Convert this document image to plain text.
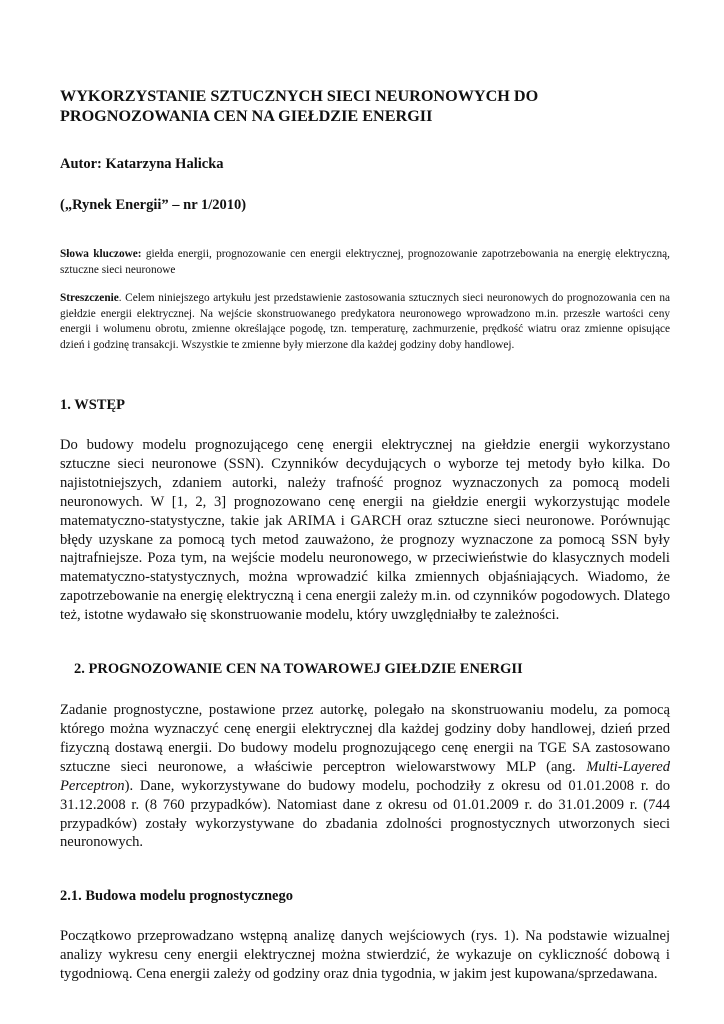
WYKORZYSTANIE SZTUCZNYCH SIECI NEURONOWYCH DO
PROGNOZOWANIA CEN NA GIEŁDZIE ENERGII

Autor: Katarzyna Halicka

(„Rynek Energii” – nr 1/2010)

Słowa kluczowe: giełda energii, prognozowanie cen energii elektrycznej, prognozowanie zapotrzebowania na energię elektryczną, sztuczne sieci neuronowe

Streszczenie. Celem niniejszego artykułu jest przedstawienie zastosowania sztucznych sieci neuronowych do prognozowania cen na giełdzie energii elektrycznej. Na wejście skonstruowanego predykatora neuronowego wprowadzono m.in. przeszłe wartości ceny energii i wolumenu obrotu, zmienne określające pogodę, tzn. temperaturę, zachmurzenie, prędkość wiatru oraz zmienne opisujące dzień i godzinę transakcji. Wszystkie te zmienne były mierzone dla każdej godziny doby handlowej.

1. WSTĘP

Do budowy modelu prognozującego cenę energii elektrycznej na giełdzie energii wykorzystano sztuczne sieci neuronowe (SSN). Czynników decydujących o wyborze tej metody było kilka. Do najistotniejszych, zdaniem autorki, należy trafność prognoz wyznaczonych za pomocą modeli neuronowych. W [1, 2, 3] prognozowano cenę energii na giełdzie energii wykorzystując modele matematyczno-statystyczne, takie jak ARIMA i GARCH oraz sztuczne sieci neuronowe. Porównując błędy uzyskane za pomocą tych metod zauważono, że prognozy wyznaczone za pomocą SSN były najtrafniejsze. Poza tym, na wejście modelu neuronowego, w przeciwieństwie do klasycznych modeli matematyczno-statystycznych, można wprowadzić kilka zmiennych objaśniających. Wiadomo, że zapotrzebowanie na energię elektryczną i cena energii zależy m.in. od czynników pogodowych. Dlatego też, istotne wydawało się skonstruowanie modelu, który uwzględniałby te zależności.

2. PROGNOZOWANIE CEN NA TOWAROWEJ GIEŁDZIE ENERGII

Zadanie prognostyczne, postawione przez autorkę, polegało na skonstruowaniu modelu, za pomocą którego można wyznaczyć cenę energii elektrycznej dla każdej godziny doby handlowej, dzień przed fizyczną dostawą energii. Do budowy modelu prognozującego cenę energii na TGE SA zastosowano sztuczne sieci neuronowe, a właściwie perceptron wielowarstwowy MLP (ang. Multi-Layered Perceptron). Dane, wykorzystywane do budowy modelu, pochodziły z okresu od 01.01.2008 r. do 31.12.2008 r. (8 760 przypadków). Natomiast dane z okresu od 01.01.2009 r. do 31.01.2009 r. (744 przypadków) zostały wykorzystywane do zbadania zdolności prognostycznych utworzonych sieci neuronowych.

2.1. Budowa modelu prognostycznego

Początkowo przeprowadzano wstępną analizę danych wejściowych (rys. 1). Na podstawie wizualnej analizy wykresu ceny energii elektrycznej można stwierdzić, że wykazuje on cykliczność dobową i tygodniową. Cena energii zależy od godziny oraz dnia tygodnia, w jakim jest kupowana/sprzedawana.
